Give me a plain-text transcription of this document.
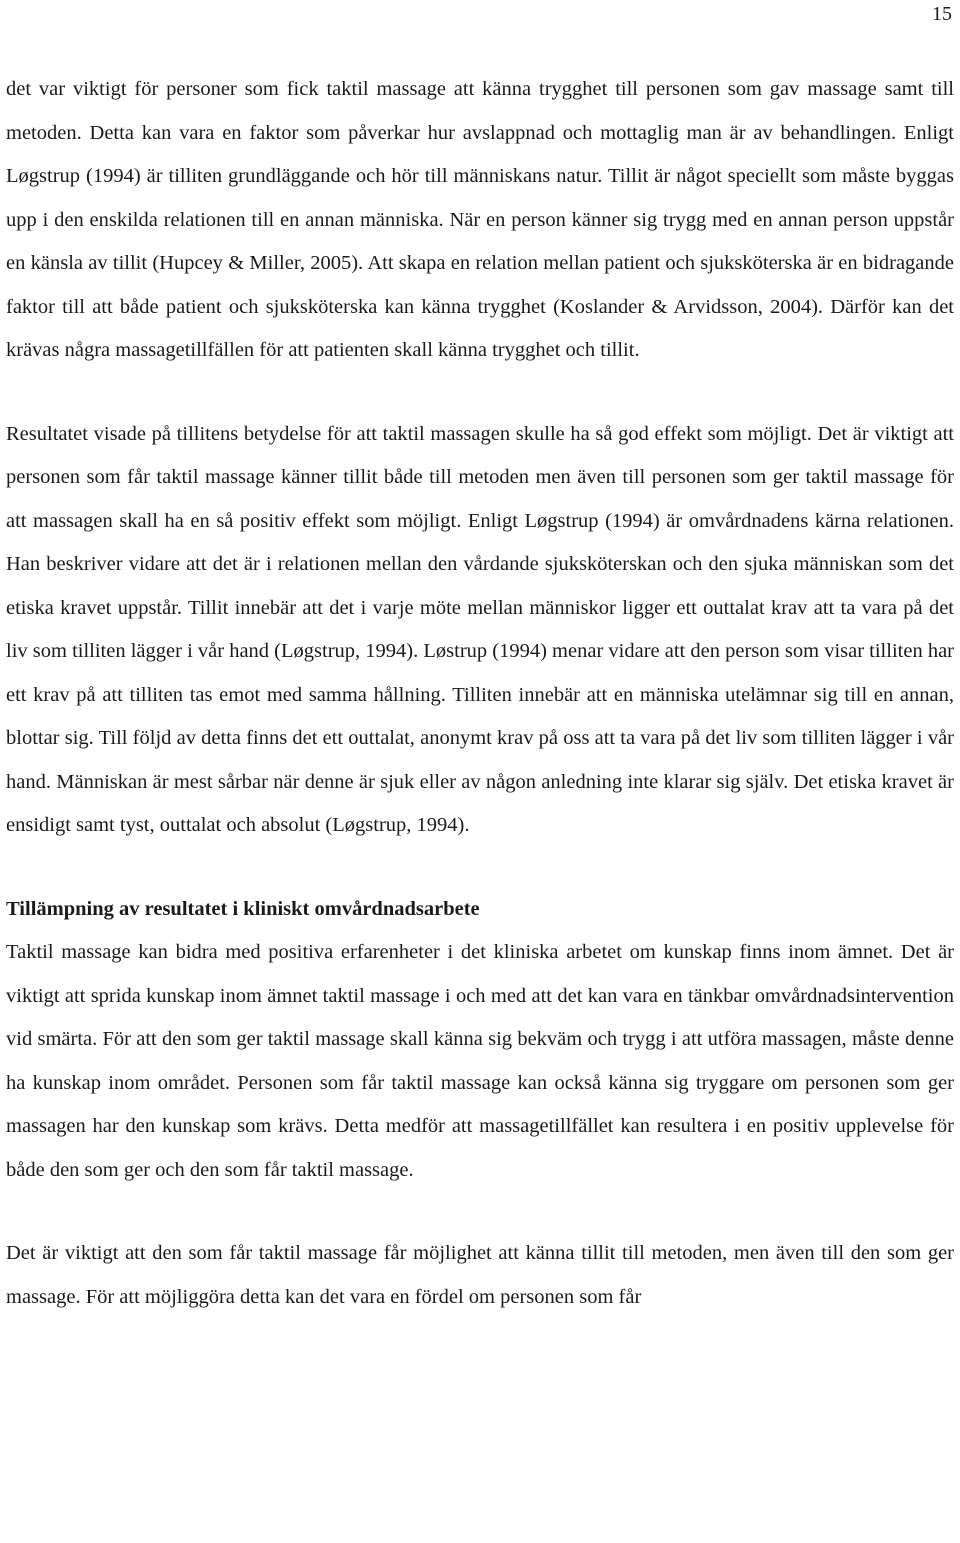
15

det var viktigt för personer som fick taktil massage att känna trygghet till personen som gav massage samt till metoden. Detta kan vara en faktor som påverkar hur avslappnad och mottaglig man är av behandlingen. Enligt Løgstrup (1994) är tilliten grundläggande och hör till människans natur. Tillit är något speciellt som måste byggas upp i den enskilda relationen till en annan människa. När en person känner sig trygg med en annan person uppstår en känsla av tillit (Hupcey & Miller, 2005). Att skapa en relation mellan patient och sjuksköterska är en bidragande faktor till att både patient och sjuksköterska kan känna trygghet (Koslander & Arvidsson, 2004). Därför kan det krävas några massagetillfällen för att patienten skall känna trygghet och tillit.

Resultatet visade på tillitens betydelse för att taktil massagen skulle ha så god effekt som möjligt. Det är viktigt att personen som får taktil massage känner tillit både till metoden men även till personen som ger taktil massage för att massagen skall ha en så positiv effekt som möjligt. Enligt Løgstrup (1994) är omvårdnadens kärna relationen. Han beskriver vidare att det är i relationen mellan den vårdande sjuksköterskan och den sjuka människan som det etiska kravet uppstår. Tillit innebär att det i varje möte mellan människor ligger ett outtalat krav att ta vara på det liv som tilliten lägger i vår hand (Løgstrup, 1994). Løstrup (1994) menar vidare att den person som visar tilliten har ett krav på att tilliten tas emot med samma hållning. Tilliten innebär att en människa utelämnar sig till en annan, blottar sig. Till följd av detta finns det ett outtalat, anonymt krav på oss att ta vara på det liv som tilliten lägger i vår hand. Människan är mest sårbar när denne är sjuk eller av någon anledning inte klarar sig själv. Det etiska kravet är ensidigt samt tyst, outtalat och absolut (Løgstrup, 1994).

Tillämpning av resultatet i kliniskt omvårdnadsarbete

Taktil massage kan bidra med positiva erfarenheter i det kliniska arbetet om kunskap finns inom ämnet. Det är viktigt att sprida kunskap inom ämnet taktil massage i och med att det kan vara en tänkbar omvårdnadsintervention vid smärta. För att den som ger taktil massage skall känna sig bekväm och trygg i att utföra massagen, måste denne ha kunskap inom området. Personen som får taktil massage kan också känna sig tryggare om personen som ger massagen har den kunskap som krävs. Detta medför att massagetillfället kan resultera i en positiv upplevelse för både den som ger och den som får taktil massage.

Det är viktigt att den som får taktil massage får möjlighet att känna tillit till metoden, men även till den som ger massage. För att möjliggöra detta kan det vara en fördel om personen som får
